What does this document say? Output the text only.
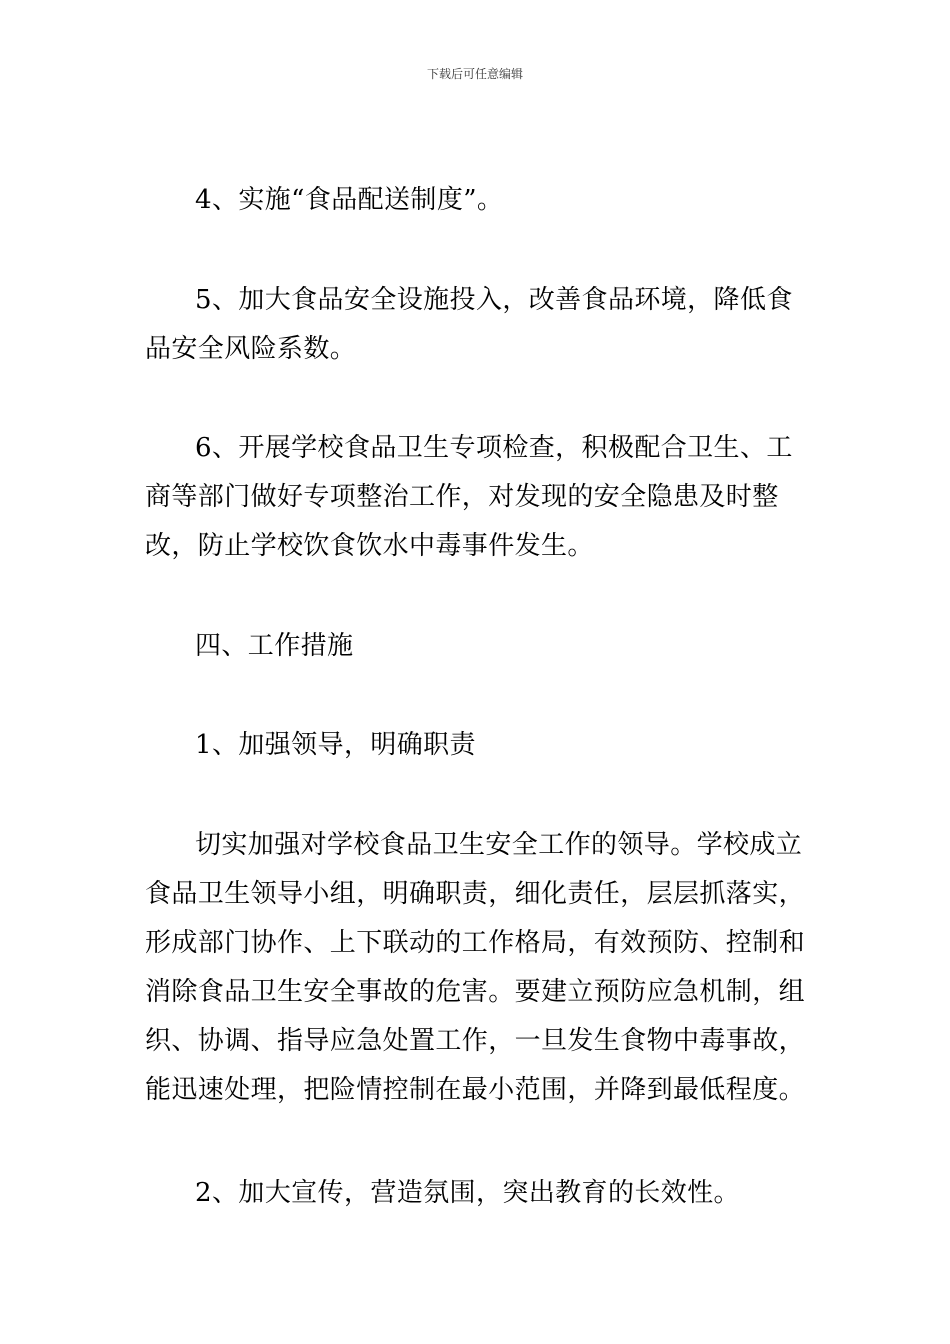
下载后可任意编辑

4、实施“食品配送制度”。

5、加大食品安全设施投入，改善食品环境，降低食品安全风险系数。

6、开展学校食品卫生专项检查，积极配合卫生、工商等部门做好专项整治工作，对发现的安全隐患及时整改，防止学校饮食饮水中毒事件发生。

四、工作措施

1、加强领导，明确职责

切实加强对学校食品卫生安全工作的领导。学校成立食品卫生领导小组，明确职责，细化责任，层层抓落实，形成部门协作、上下联动的工作格局，有效预防、控制和消除食品卫生安全事故的危害。要建立预防应急机制，组织、协调、指导应急处置工作，一旦发生食物中毒事故，能迅速处理，把险情控制在最小范围，并降到最低程度。

2、加大宣传，营造氛围，突出教育的长效性。
